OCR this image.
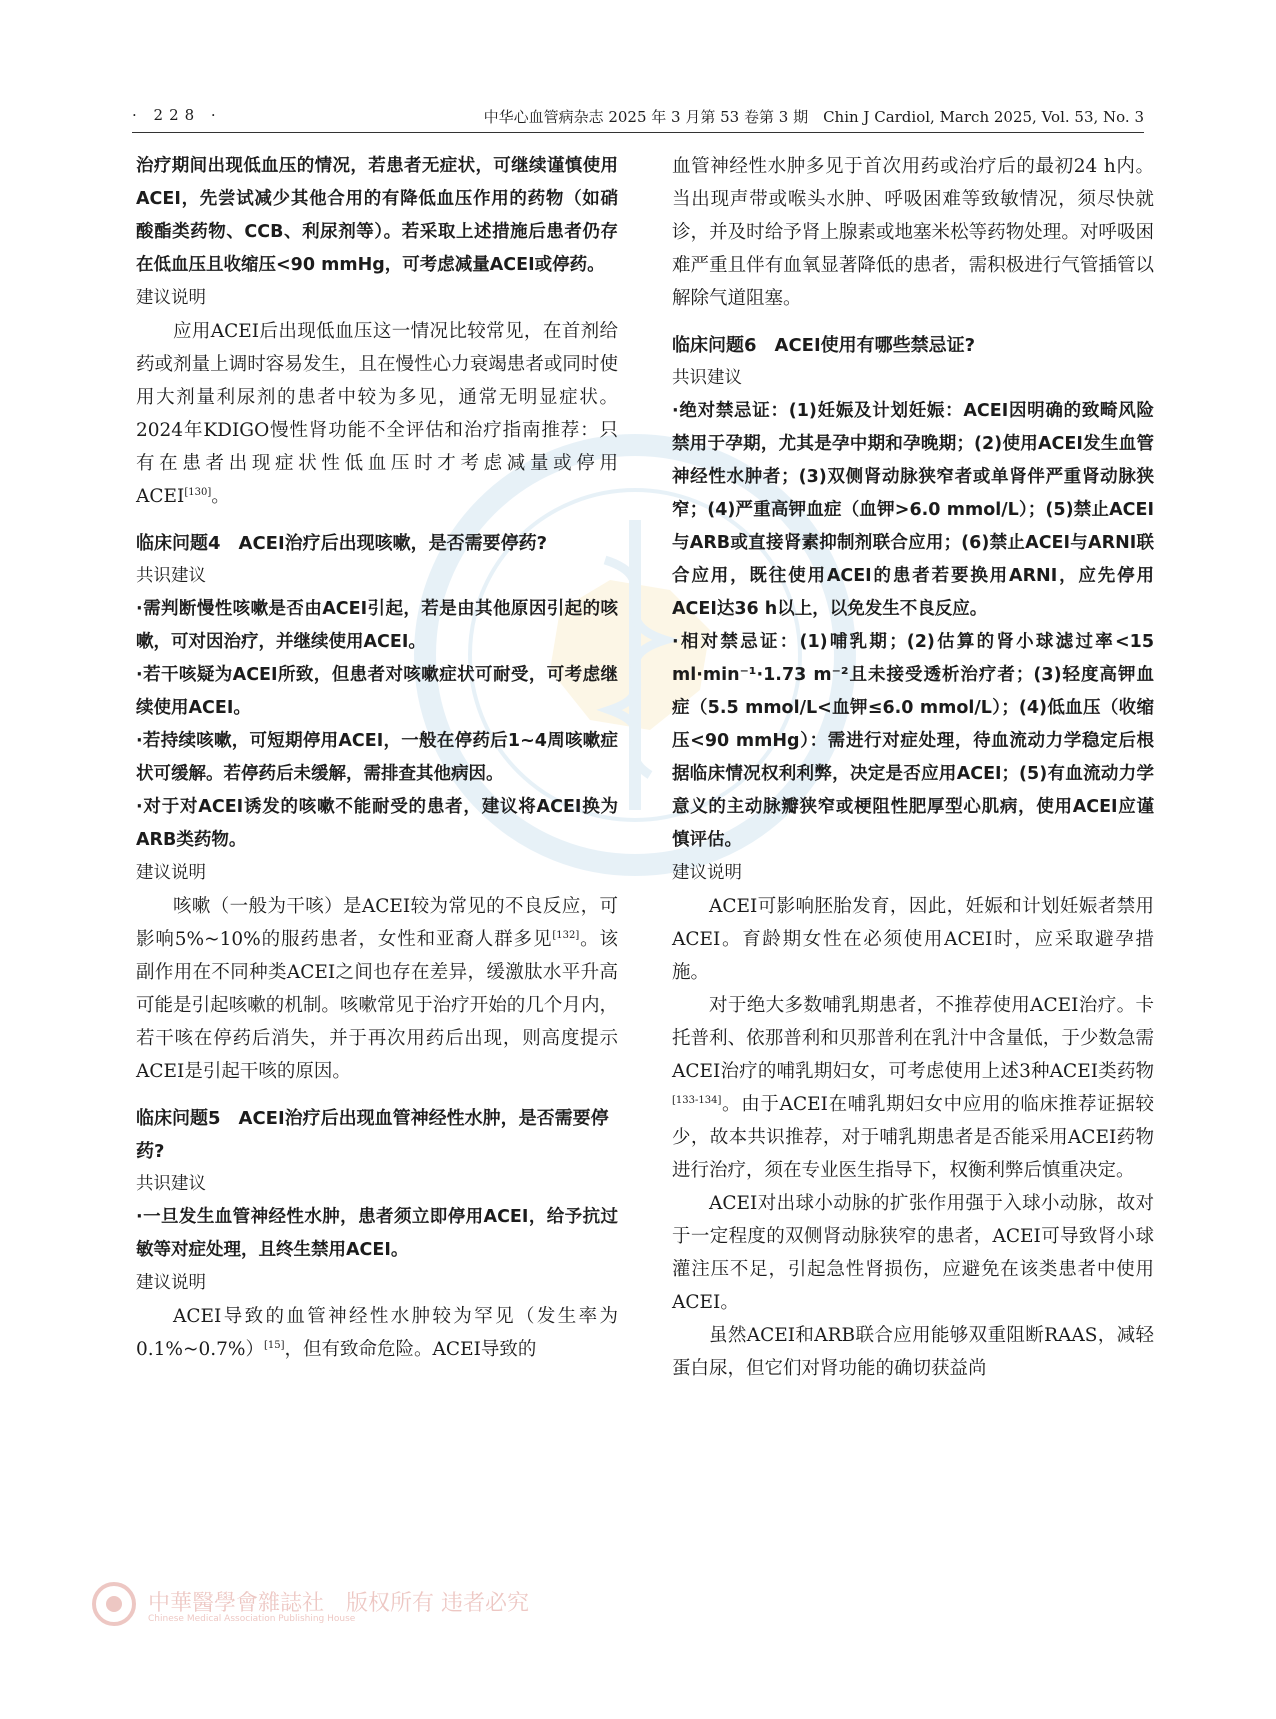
· 228 ·	中华心血管病杂志 2025 年 3 月第 53 卷第 3 期　Chin J Cardiol, March 2025, Vol. 53, No. 3

治疗期间出现低血压的情况，若患者无症状，可继续谨慎使用ACEI，先尝试减少其他合用的有降低血压作用的药物（如硝酸酯类药物、CCB、利尿剂等）。若采取上述措施后患者仍存在低血压且收缩压<90 mmHg，可考虑减量ACEI或停药。

建议说明

应用ACEI后出现低血压这一情况比较常见，在首剂给药或剂量上调时容易发生，且在慢性心力衰竭患者或同时使用大剂量利尿剂的患者中较为多见，通常无明显症状。2024年KDIGO慢性肾功能不全评估和治疗指南推荐：只有在患者出现症状性低血压时才考虑减量或停用ACEI[130]。

临床问题4　ACEI治疗后出现咳嗽，是否需要停药?

共识建议

·需判断慢性咳嗽是否由ACEI引起，若是由其他原因引起的咳嗽，可对因治疗，并继续使用ACEI。

·若干咳疑为ACEI所致，但患者对咳嗽症状可耐受，可考虑继续使用ACEI。

·若持续咳嗽，可短期停用ACEI，一般在停药后1~4周咳嗽症状可缓解。若停药后未缓解，需排查其他病因。

·对于对ACEI诱发的咳嗽不能耐受的患者，建议将ACEI换为ARB类药物。

建议说明

咳嗽（一般为干咳）是ACEI较为常见的不良反应，可影响5%~10%的服药患者，女性和亚裔人群多见[132]。该副作用在不同种类ACEI之间也存在差异，缓激肽水平升高可能是引起咳嗽的机制。咳嗽常见于治疗开始的几个月内，若干咳在停药后消失，并于再次用药后出现，则高度提示ACEI是引起干咳的原因。

临床问题5　ACEI治疗后出现血管神经性水肿，是否需要停药?

共识建议

·一旦发生血管神经性水肿，患者须立即停用ACEI，给予抗过敏等对症处理，且终生禁用ACEI。

建议说明

ACEI导致的血管神经性水肿较为罕见（发生率为0.1%~0.7%）[15]，但有致命危险。ACEI导致的

血管神经性水肿多见于首次用药或治疗后的最初24 h内。当出现声带或喉头水肿、呼吸困难等致敏情况，须尽快就诊，并及时给予肾上腺素或地塞米松等药物处理。对呼吸困难严重且伴有血氧显著降低的患者，需积极进行气管插管以解除气道阻塞。

临床问题6　ACEI使用有哪些禁忌证?

共识建议

·绝对禁忌证：(1)妊娠及计划妊娠：ACEI因明确的致畸风险禁用于孕期，尤其是孕中期和孕晚期；(2)使用ACEI发生血管神经性水肿者；(3)双侧肾动脉狭窄者或单肾伴严重肾动脉狭窄；(4)严重高钾血症（血钾>6.0 mmol/L）；(5)禁止ACEI与ARB或直接肾素抑制剂联合应用；(6)禁止ACEI与ARNI联合应用，既往使用ACEI的患者若要换用ARNI，应先停用ACEI达36 h以上，以免发生不良反应。

·相对禁忌证：(1)哺乳期；(2)估算的肾小球滤过率<15 ml·min⁻¹·1.73 m⁻²且未接受透析治疗者；(3)轻度高钾血症（5.5 mmol/L<血钾≤6.0 mmol/L）；(4)低血压（收缩压<90 mmHg）：需进行对症处理，待血流动力学稳定后根据临床情况权利利弊，决定是否应用ACEI；(5)有血流动力学意义的主动脉瓣狭窄或梗阻性肥厚型心肌病，使用ACEI应谨慎评估。

建议说明

ACEI可影响胚胎发育，因此，妊娠和计划妊娠者禁用ACEI。育龄期女性在必须使用ACEI时，应采取避孕措施。

对于绝大多数哺乳期患者，不推荐使用ACEI治疗。卡托普利、依那普利和贝那普利在乳汁中含量低，于少数急需ACEI治疗的哺乳期妇女，可考虑使用上述3种ACEI类药物[133-134]。由于ACEI在哺乳期妇女中应用的临床推荐证据较少，故本共识推荐，对于哺乳期患者是否能采用ACEI药物进行治疗，须在专业医生指导下，权衡利弊后慎重决定。

ACEI对出球小动脉的扩张作用强于入球小动脉，故对于一定程度的双侧肾动脉狭窄的患者，ACEI可导致肾小球灌注压不足，引起急性肾损伤，应避免在该类患者中使用ACEI。

虽然ACEI和ARB联合应用能够双重阻断RAAS，减轻蛋白尿，但它们对肾功能的确切获益尚

中華醫學會雜誌社　 版权所有 违者必究
Chinese Medical Association Publishing House
